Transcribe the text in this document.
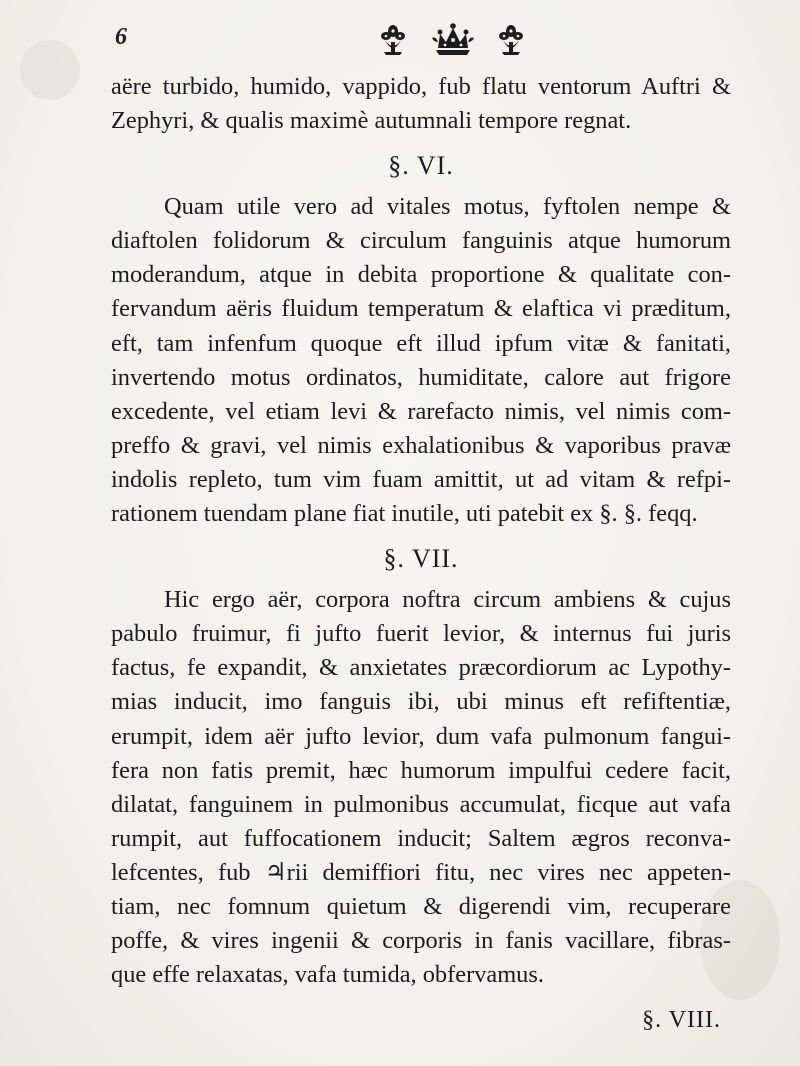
6
aëre turbido, humido, vappido, fub flatu ventorum Auftri &
Zephyri, & qualis maximè autumnali tempore regnat.
§. VI.
Quam utile vero ad vitales motus, fyftolen nempe &
diaftolen folidorum & circulum fanguinis atque humorum
moderandum, atque in debita proportione & qualitate con-
fervandum aëris fluidum temperatum & elaftica vi præditum,
eft, tam infenfum quoque eft illud ipfum vitæ & fanitati,
invertendo motus ordinatos, humiditate, calore aut frigore
excedente, vel etiam levi & rarefacto nimis, vel nimis com-
preffo & gravi, vel nimis exhalationibus & vaporibus pravæ
indolis repleto, tum vim fuam amittit, ut ad vitam & refpi-
rationem tuendam plane fiat inutile, uti patebit ex §. §. feqq.
§. VII.
Hic ergo aër, corpora noftra circum ambiens & cujus
pabulo fruimur, fi jufto fuerit levior, & internus fui juris
factus, fe expandit, & anxietates præcordiorum ac Lypothy-
mias inducit, imo fanguis ibi, ubi minus eft refiftentiæ,
erumpit, idem aër jufto levior, dum vafa pulmonum fangui-
fera non fatis premit, hæc humorum impulfui cedere facit,
dilatat, fanguinem in pulmonibus accumulat, ficque aut vafa
rumpit, aut fuffocationem inducit; Saltem ægros reconva-
lefcentes, fub ♃rii demiffiori fitu, nec vires nec appeten-
tiam, nec fomnum quietum & digerendi vim, recuperare
poffe, & vires ingenii & corporis in fanis vacillare, fibras-
que effe relaxatas, vafa tumida, obfervamus.
§. VIII.
